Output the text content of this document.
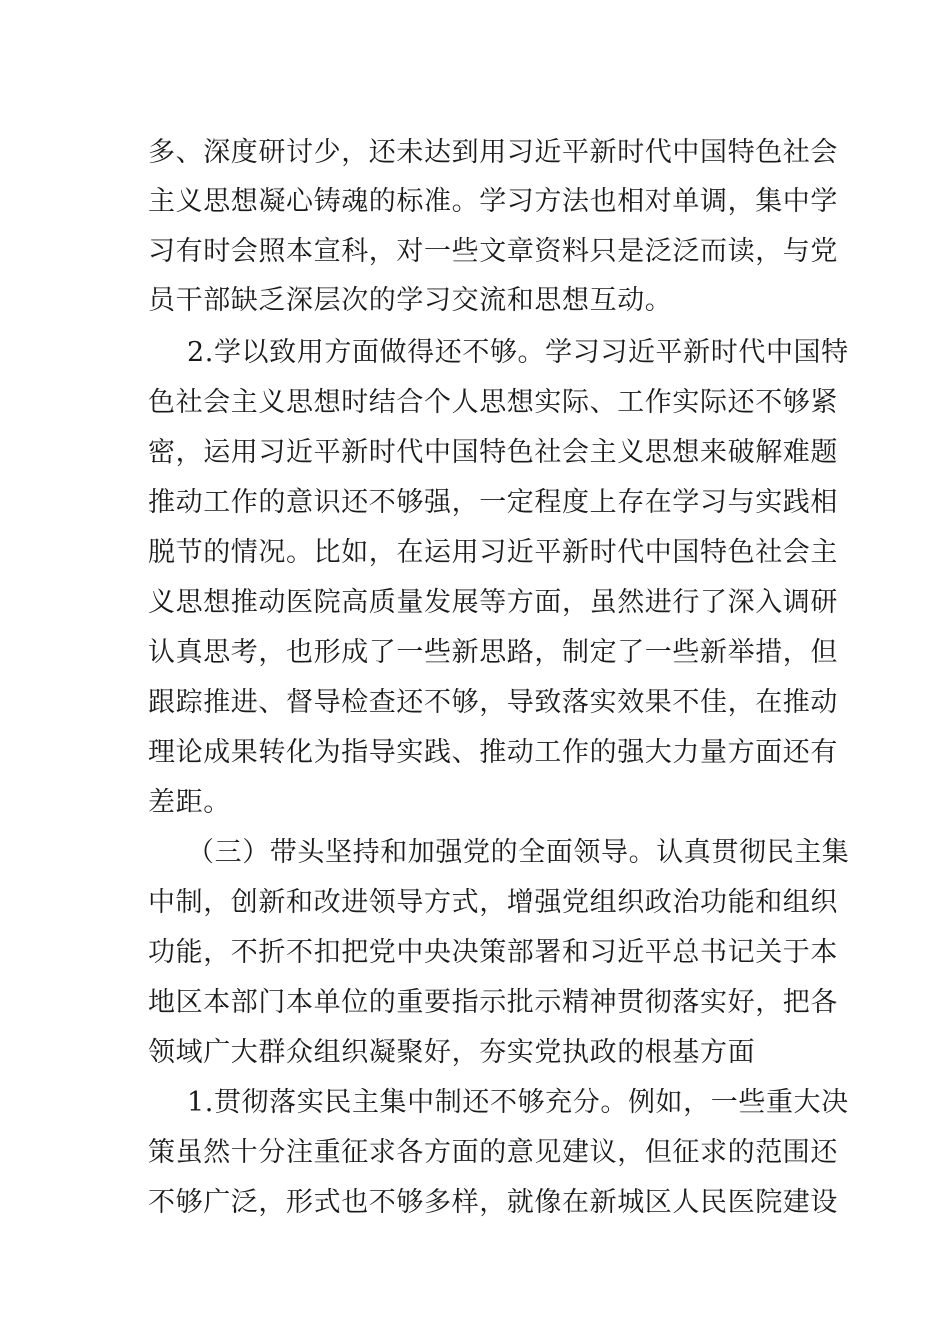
多、深度研讨少，还未达到用习近平新时代中国特色社会
主义思想凝心铸魂的标准。学习方法也相对单调，集中学
习有时会照本宣科，对一些文章资料只是泛泛而读，与党
员干部缺乏深层次的学习交流和思想互动。
2.学以致用方面做得还不够。学习习近平新时代中国特
色社会主义思想时结合个人思想实际、工作实际还不够紧
密，运用习近平新时代中国特色社会主义思想来破解难题
推动工作的意识还不够强，一定程度上存在学习与实践相
脱节的情况。比如，在运用习近平新时代中国特色社会主
义思想推动医院高质量发展等方面，虽然进行了深入调研
认真思考，也形成了一些新思路，制定了一些新举措，但
跟踪推进、督导检查还不够，导致落实效果不佳，在推动
理论成果转化为指导实践、推动工作的强大力量方面还有
差距。
（三）带头坚持和加强党的全面领导。认真贯彻民主集
中制，创新和改进领导方式，增强党组织政治功能和组织
功能，不折不扣把党中央决策部署和习近平总书记关于本
地区本部门本单位的重要指示批示精神贯彻落实好，把各
领域广大群众组织凝聚好，夯实党执政的根基方面
1.贯彻落实民主集中制还不够充分。例如，一些重大决
策虽然十分注重征求各方面的意见建议，但征求的范围还
不够广泛，形式也不够多样，就像在新城区人民医院建设
